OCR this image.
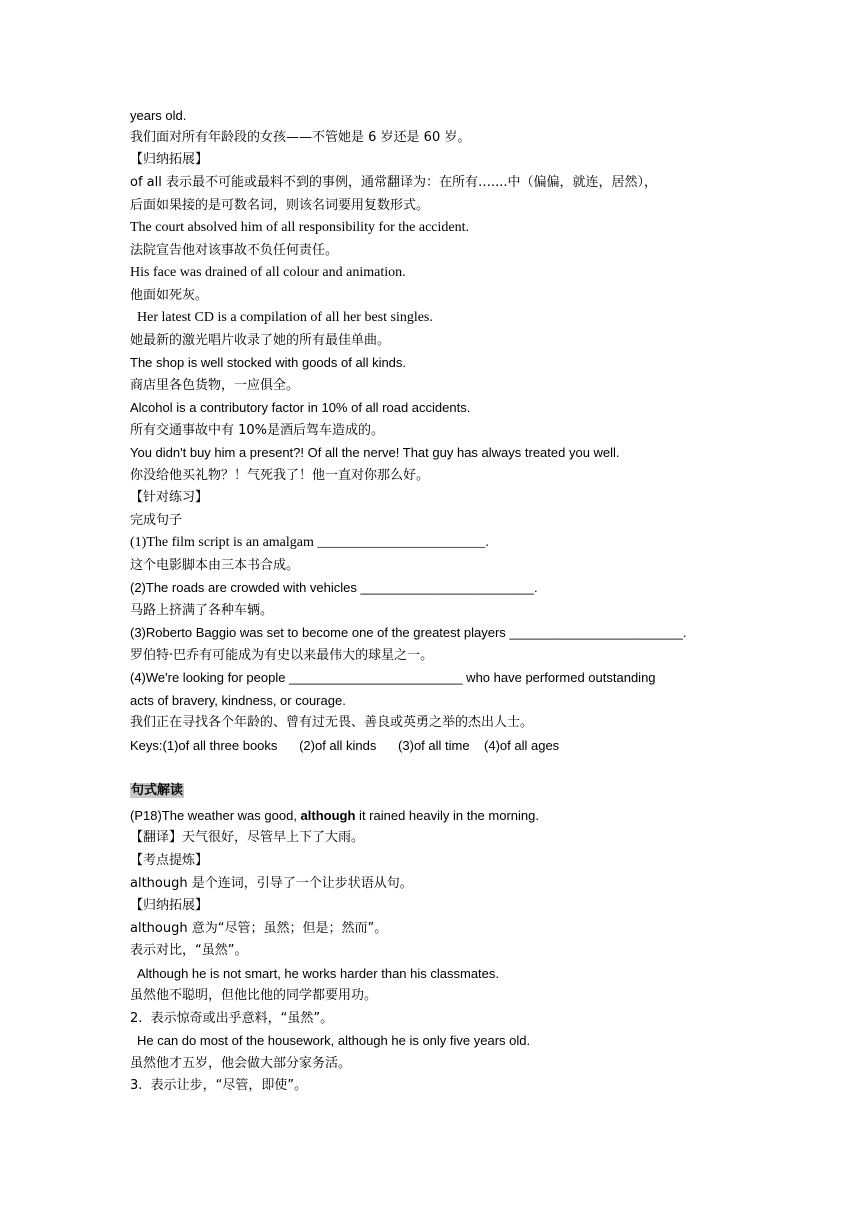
years old.
我们面对所有年龄段的女孩——不管她是 6 岁还是 60 岁。
【归纳拓展】
of all 表示最不可能或最料不到的事例，通常翻译为：在所有…....中（偏偏，就连，居然），
后面如果接的是可数名词，则该名词要用复数形式。
The court absolved him of all responsibility for the accident.
法院宣告他对该事故不负任何责任。
His face was drained of all colour and animation.
他面如死灰。
Her latest CD is a compilation of all her best singles.
她最新的激光唱片收录了她的所有最佳单曲。
The shop is well stocked with goods of all kinds.
商店里各色货物，一应俱全。
Alcohol is a contributory factor in 10% of all road accidents.
所有交通事故中有 10%是酒后驾车造成的。
You didn't buy him a present?! Of all the nerve! That guy has always treated you well.
你没给他买礼物？！气死我了！他一直对你那么好。
【针对练习】
完成句子
(1)The film script is an amalgam ________________________.
这个电影脚本由三本书合成。
(2)The roads are crowded with vehicles ________________________.
马路上挤满了各种车辆。
(3)Roberto Baggio was set to become one of the greatest players ________________________.
罗伯特·巴乔有可能成为有史以来最伟大的球星之一。
(4)We're looking for people ________________________ who have performed outstanding
acts of bravery, kindness, or courage.
我们正在寻找各个年龄的、曾有过无畏、善良或英勇之举的杰出人士。
Keys:(1)of all three books      (2)of all kinds      (3)of all time    (4)of all ages
句式解读
(P18)The weather was good, although it rained heavily in the morning.
【翻译】天气很好，尽管早上下了大雨。
【考点提炼】
although 是个连词，引导了一个让步状语从句。
【归纳拓展】
although 意为“尽管；虽然；但是；然而”。
表示对比，“虽然”。
Although he is not smart, he works harder than his classmates.
虽然他不聪明，但他比他的同学都要用功。
2.  表示惊奇或出乎意料，“虽然”。
He can do most of the housework, although he is only five years old.
虽然他才五岁，他会做大部分家务活。
3.  表示让步，“尽管，即使”。
